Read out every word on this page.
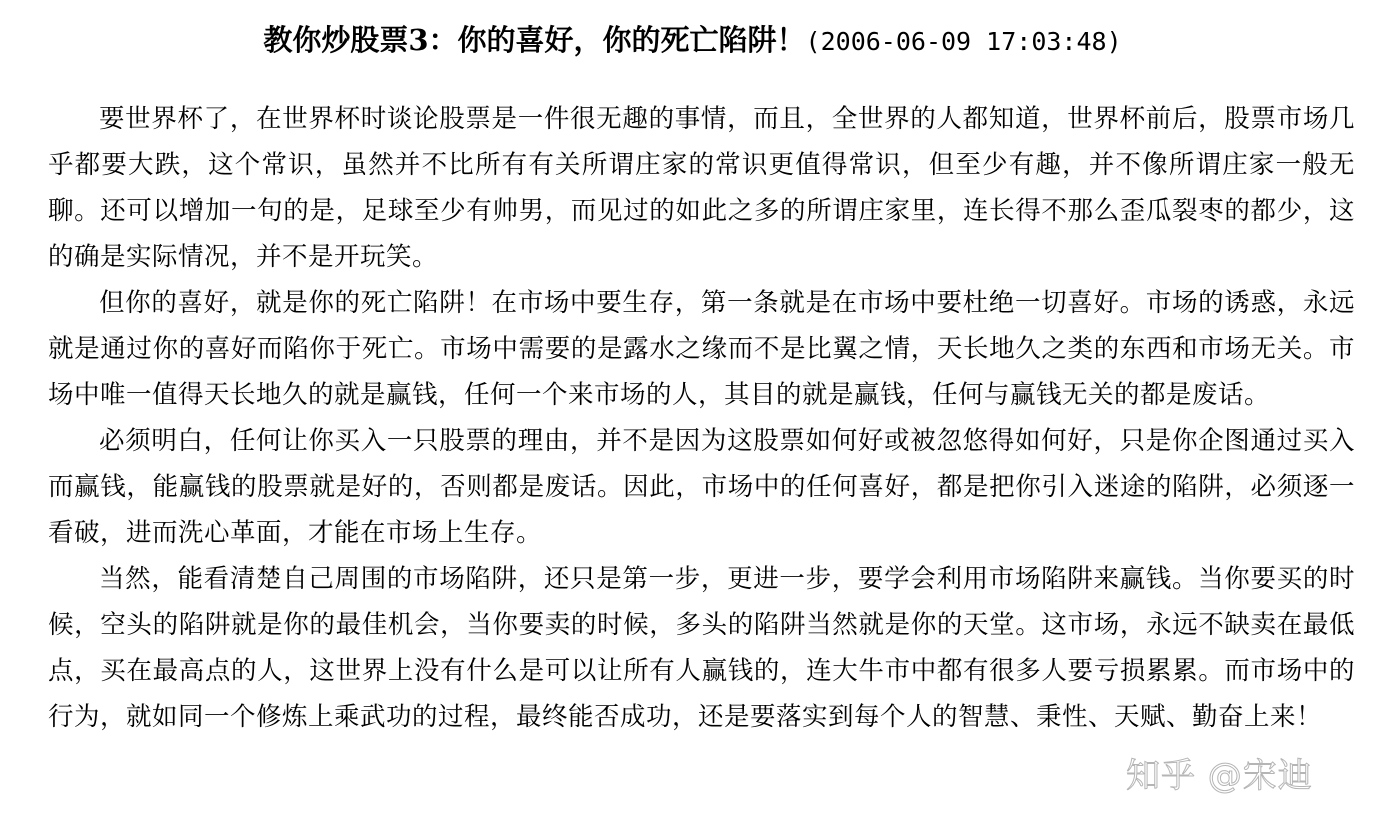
教你炒股票3：你的喜好，你的死亡陷阱！(2006-06-09 17:03:48)

要世界杯了，在世界杯时谈论股票是一件很无趣的事情，而且，全世界的人都知道，世界杯前后，股票市场几乎都要大跌，这个常识，虽然并不比所有有关所谓庄家的常识更值得常识，但至少有趣，并不像所谓庄家一般无聊。还可以增加一句的是，足球至少有帅男，而见过的如此之多的所谓庄家里，连长得不那么歪瓜裂枣的都少，这的确是实际情况，并不是开玩笑。

但你的喜好，就是你的死亡陷阱！在市场中要生存，第一条就是在市场中要杜绝一切喜好。市场的诱惑，永远就是通过你的喜好而陷你于死亡。市场中需要的是露水之缘而不是比翼之情，天长地久之类的东西和市场无关。市场中唯一值得天长地久的就是赢钱，任何一个来市场的人，其目的就是赢钱，任何与赢钱无关的都是废话。

必须明白，任何让你买入一只股票的理由，并不是因为这股票如何好或被忽悠得如何好，只是你企图通过买入而赢钱，能赢钱的股票就是好的，否则都是废话。因此，市场中的任何喜好，都是把你引入迷途的陷阱，必须逐一看破，进而洗心革面，才能在市场上生存。

当然，能看清楚自己周围的市场陷阱，还只是第一步，更进一步，要学会利用市场陷阱来赢钱。当你要买的时候，空头的陷阱就是你的最佳机会，当你要卖的时候，多头的陷阱当然就是你的天堂。这市场，永远不缺卖在最低点，买在最高点的人，这世界上没有什么是可以让所有人赢钱的，连大牛市中都有很多人要亏损累累。而市场中的行为，就如同一个修炼上乘武功的过程，最终能否成功，还是要落实到每个人的智慧、秉性、天赋、勤奋上来！

知乎 @宋迪
